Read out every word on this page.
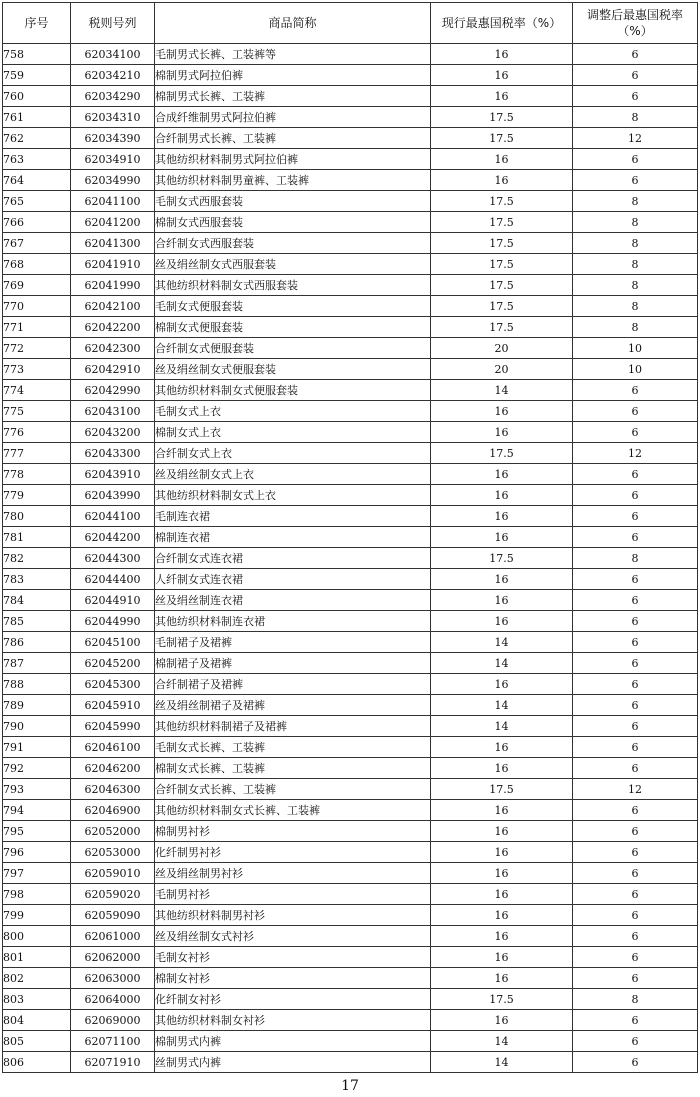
序号	税则号列	商品简称	现行最惠国税率（%）	调整后最惠国税率
（%）
758	62034100	毛制男式长裤、工装裤等	16	6
759	62034210	棉制男式阿拉伯裤	16	6
760	62034290	棉制男式长裤、工装裤	16	6
761	62034310	合成纤维制男式阿拉伯裤	17.5	8
762	62034390	合纤制男式长裤、工装裤	17.5	12
763	62034910	其他纺织材料制男式阿拉伯裤	16	6
764	62034990	其他纺织材料制男童裤、工装裤	16	6
765	62041100	毛制女式西服套装	17.5	8
766	62041200	棉制女式西服套装	17.5	8
767	62041300	合纤制女式西服套装	17.5	8
768	62041910	丝及绢丝制女式西服套装	17.5	8
769	62041990	其他纺织材料制女式西服套装	17.5	8
770	62042100	毛制女式便服套装	17.5	8
771	62042200	棉制女式便服套装	17.5	8
772	62042300	合纤制女式便服套装	20	10
773	62042910	丝及绢丝制女式便服套装	20	10
774	62042990	其他纺织材料制女式便服套装	14	6
775	62043100	毛制女式上衣	16	6
776	62043200	棉制女式上衣	16	6
777	62043300	合纤制女式上衣	17.5	12
778	62043910	丝及绢丝制女式上衣	16	6
779	62043990	其他纺织材料制女式上衣	16	6
780	62044100	毛制连衣裙	16	6
781	62044200	棉制连衣裙	16	6
782	62044300	合纤制女式连衣裙	17.5	8
783	62044400	人纤制女式连衣裙	16	6
784	62044910	丝及绢丝制连衣裙	16	6
785	62044990	其他纺织材料制连衣裙	16	6
786	62045100	毛制裙子及裙裤	14	6
787	62045200	棉制裙子及裙裤	14	6
788	62045300	合纤制裙子及裙裤	16	6
789	62045910	丝及绢丝制裙子及裙裤	14	6
790	62045990	其他纺织材料制裙子及裙裤	14	6
791	62046100	毛制女式长裤、工装裤	16	6
792	62046200	棉制女式长裤、工装裤	16	6
793	62046300	合纤制女式长裤、工装裤	17.5	12
794	62046900	其他纺织材料制女式长裤、工装裤	16	6
795	62052000	棉制男衬衫	16	6
796	62053000	化纤制男衬衫	16	6
797	62059010	丝及绢丝制男衬衫	16	6
798	62059020	毛制男衬衫	16	6
799	62059090	其他纺织材料制男衬衫	16	6
800	62061000	丝及绢丝制女式衬衫	16	6
801	62062000	毛制女衬衫	16	6
802	62063000	棉制女衬衫	16	6
803	62064000	化纤制女衬衫	17.5	8
804	62069000	其他纺织材料制女衬衫	16	6
805	62071100	棉制男式内裤	14	6
806	62071910	丝制男式内裤	14	6
17
